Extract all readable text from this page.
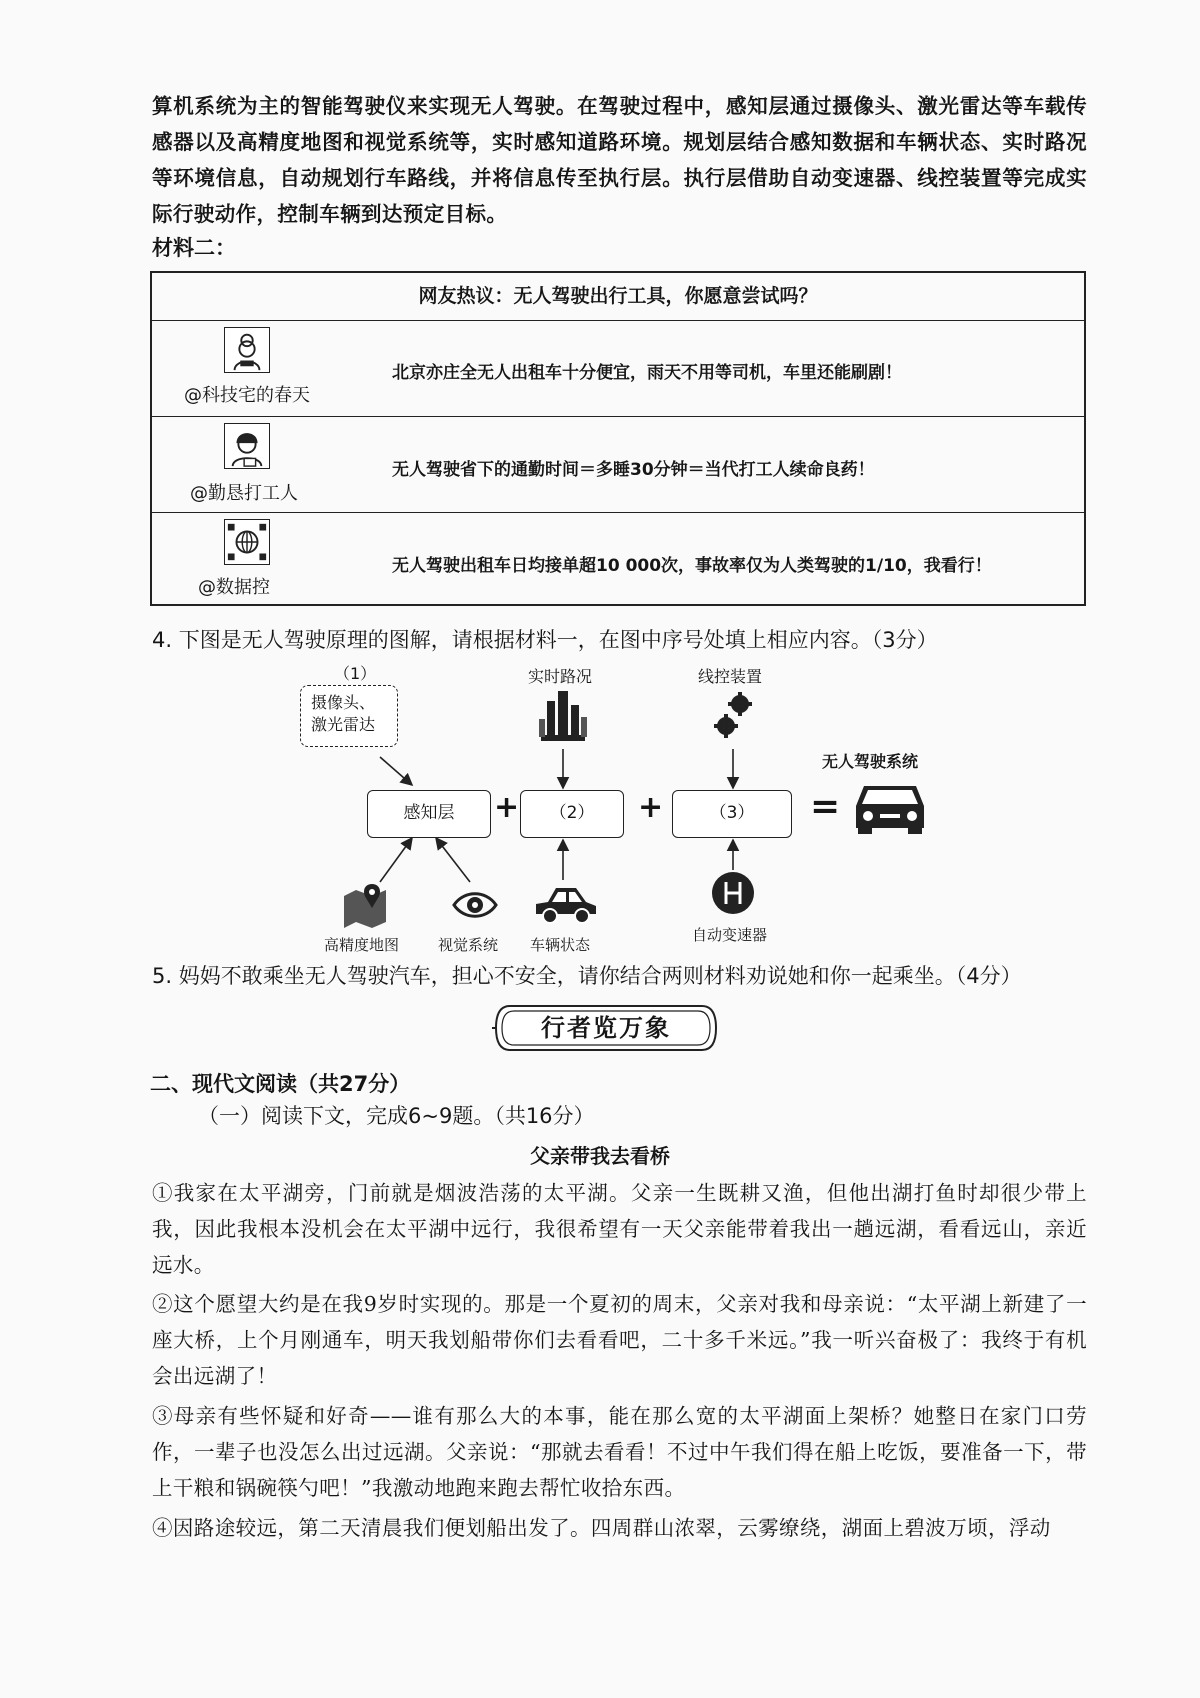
算机系统为主的智能驾驶仪来实现无人驾驶。在驾驶过程中，感知层通过摄像头、激光雷达等车载传感器以及高精度地图和视觉系统等，实时感知道路环境。规划层结合感知数据和车辆状态、实时路况等环境信息，自动规划行车路线，并将信息传至执行层。执行层借助自动变速器、线控装置等完成实际行驶动作，控制车辆到达预定目标。

材料二：

网友热议：无人驾驶出行工具，你愿意尝试吗？
@科技宅的春天
北京亦庄全无人出租车十分便宜，雨天不用等司机，车里还能刷剧！
@勤恳打工人
无人驾驶省下的通勤时间＝多睡30分钟＝当代打工人续命良药！
@数据控
无人驾驶出租车日均接单超10 000次，事故率仅为人类驾驶的1/10，我看行！

4. 下图是无人驾驶原理的图解，请根据材料一，在图中序号处填上相应内容。（3分）

（1）
摄像头、激光雷达
实时路况	线控装置
无人驾驶系统
感知层	+	（2）	+	（3）	=
高精度地图	视觉系统 车辆状态
自动变速器

5. 妈妈不敢乘坐无人驾驶汽车，担心不安全，请你结合两则材料劝说她和你一起乘坐。（4分）

行者览万象

二、现代文阅读（共27分）

（一）阅读下文，完成6~9题。（共16分）

父亲带我去看桥

①我家在太平湖旁，门前就是烟波浩荡的太平湖。父亲一生既耕又渔，但他出湖打鱼时却很少带上我，因此我根本没机会在太平湖中远行，我很希望有一天父亲能带着我出一趟远湖，看看远山，亲近远水。

②这个愿望大约是在我9岁时实现的。那是一个夏初的周末，父亲对我和母亲说：“太平湖上新建了一座大桥，上个月刚通车，明天我划船带你们去看看吧，二十多千米远。”我一听兴奋极了：我终于有机会出远湖了！

③母亲有些怀疑和好奇——谁有那么大的本事，能在那么宽的太平湖面上架桥？她整日在家门口劳作，一辈子也没怎么出过远湖。父亲说：“那就去看看！不过中午我们得在船上吃饭，要准备一下，带上干粮和锅碗筷勺吧！”我激动地跑来跑去帮忙收拾东西。

④因路途较远，第二天清晨我们便划船出发了。四周群山浓翠，云雾缭绕，湖面上碧波万顷，浮动
